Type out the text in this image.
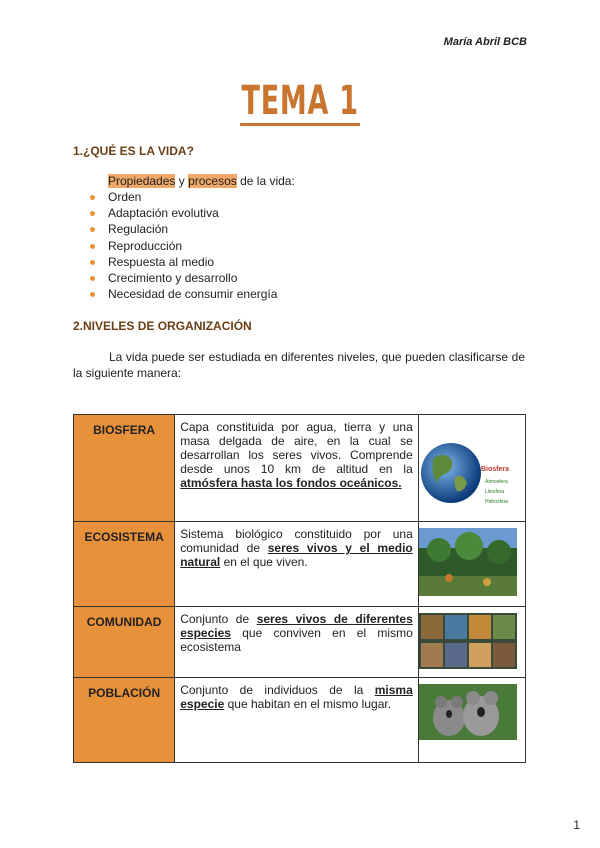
María Abril BCB
TEMA 1
1.¿QUÉ ES LA VIDA?
Propiedades y procesos de la vida:
Orden
Adaptación evolutiva
Regulación
Reproducción
Respuesta al medio
Crecimiento y desarrollo
Necesidad de consumir energía
2.NIVELES DE ORGANIZACIÓN
La vida puede ser estudiada en diferentes niveles, que pueden clasificarse de la siguiente manera:
BIOSFERA	Capa constituida por agua, tierra y una masa delgada de aire, en la cual se desarrollan los seres vivos. Comprende desde unos 10 km de altitud en la atmósfera hasta los fondos oceánicos.	Biosfera
Atmosfera
Litosfera
Hidrosfera

ECOSISTEMA	Sistema biológico constituido por una comunidad de seres vivos y el medio natural en el que viven.	
COMUNIDAD	Conjunto de seres vivos de diferentes especies que conviven en el mismo ecosistema	
POBLACIÓN	Conjunto de individuos de la misma especie que habitan en el mismo lugar.	
1
